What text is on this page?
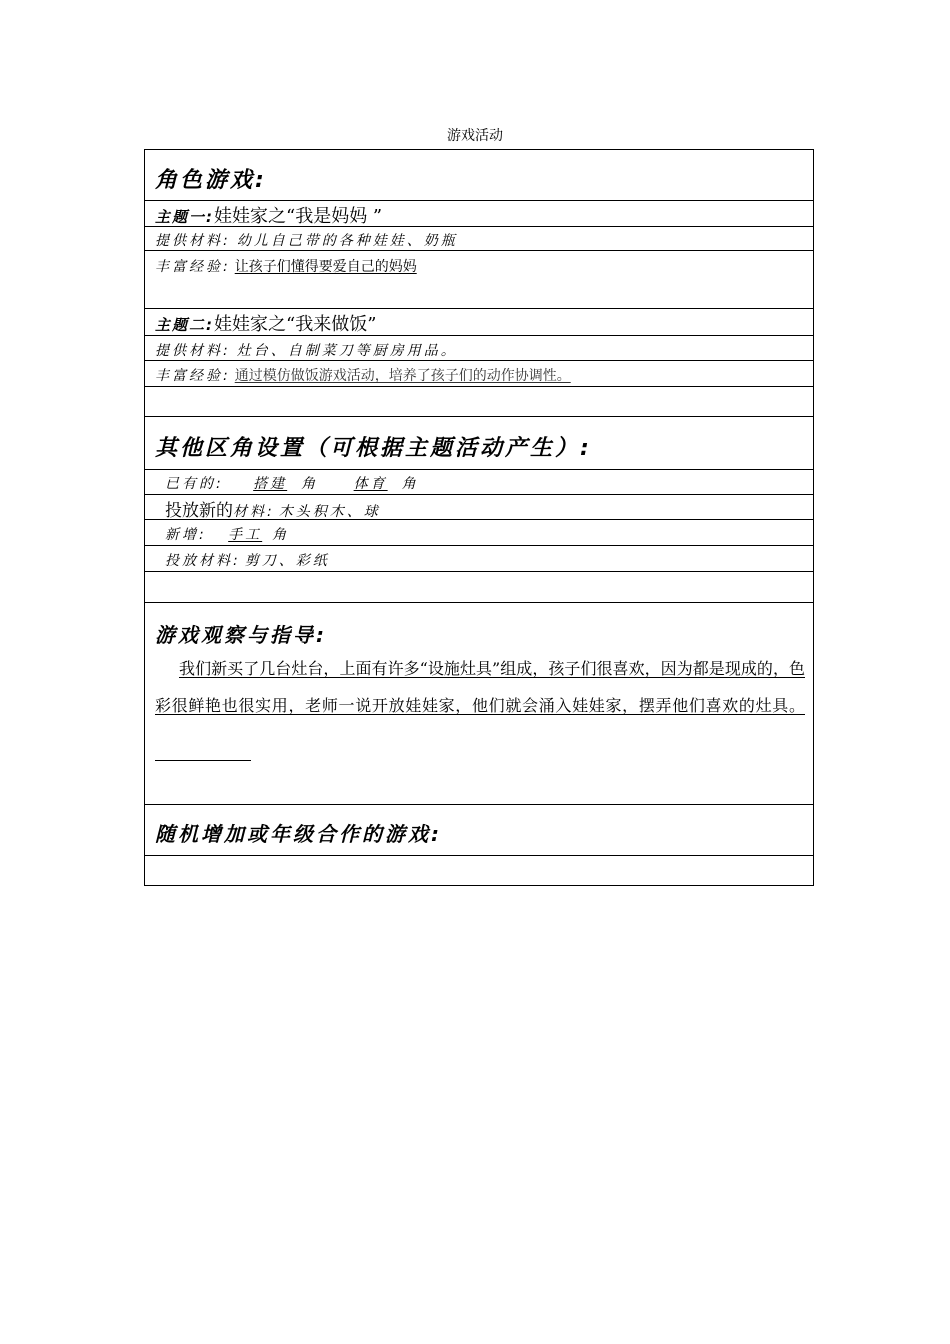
游戏活动
角色游戏:
主题一:娃娃家之“我是妈妈 ”
提供材料: 幼儿自己带的各种娃娃、奶瓶
丰富经验: 让孩子们懂得要爱自己的妈妈
主题二:娃娃家之“我来做饭”
提供材料: 灶台、自制菜刀等厨房用品。
丰富经验: 通过模仿做饭游戏活动，培养了孩子们的动作协调性。
其他区角设置（可根据主题活动产生）:
已有的: 搭建 角	体育 角
投放新的材料: 木头积木、球
新增: 手工 角
投放材料: 剪刀、彩纸
游戏观察与指导:
我们新买了几台灶台，上面有许多“设施灶具”组成，孩子们很喜欢，因为都是现成的，色彩很鲜艳也很实用，老师一说开放娃娃家，他们就会涌入娃娃家，摆弄他们喜欢的灶具。
随机增加或年级合作的游戏:
